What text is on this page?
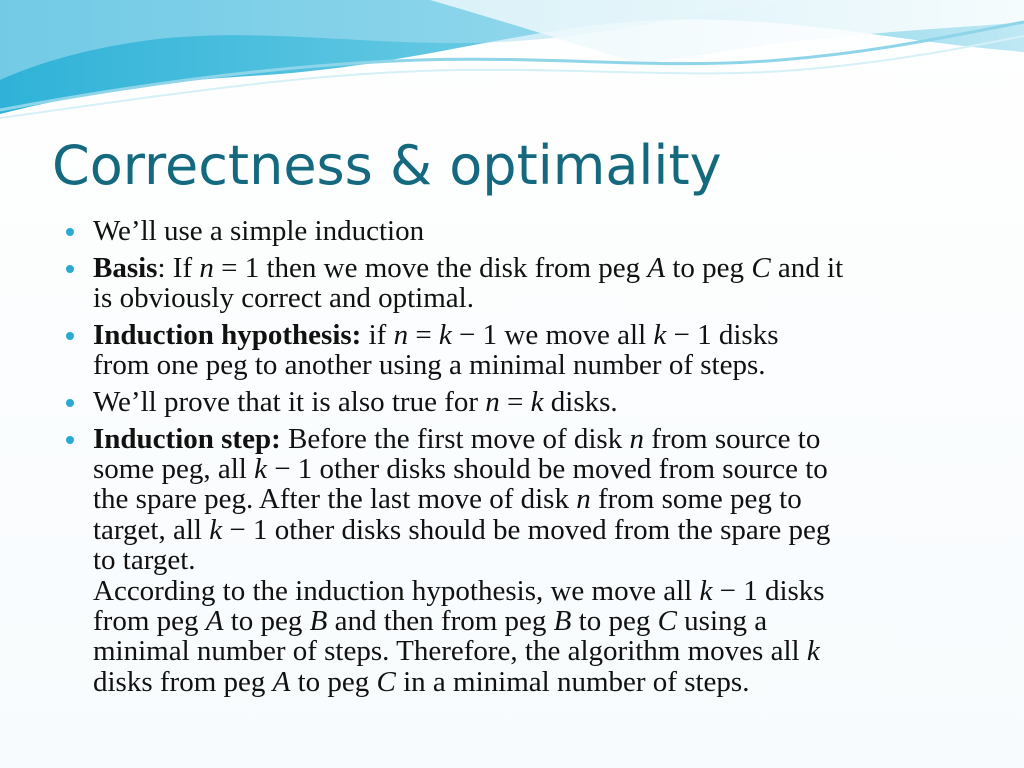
Correctness & optimality
We’ll use a simple induction
Basis: If n = 1 then we move the disk from peg A to peg C and it
is obviously correct and optimal.
Induction hypothesis: if n = k − 1 we move all k − 1 disks
from one peg to another using a minimal number of steps.
We’ll prove that it is also true for n = k disks.
Induction step: Before the first move of disk n from source to
some peg, all k − 1 other disks should be moved from source to
the spare peg. After the last move of disk n from some peg to
target, all k − 1 other disks should be moved from the spare peg
to target.
According to the induction hypothesis, we move all k − 1 disks
from peg A to peg B and then from peg B to peg C using a
minimal number of steps. Therefore, the algorithm moves all k
disks from peg A to peg C in a minimal number of steps.
